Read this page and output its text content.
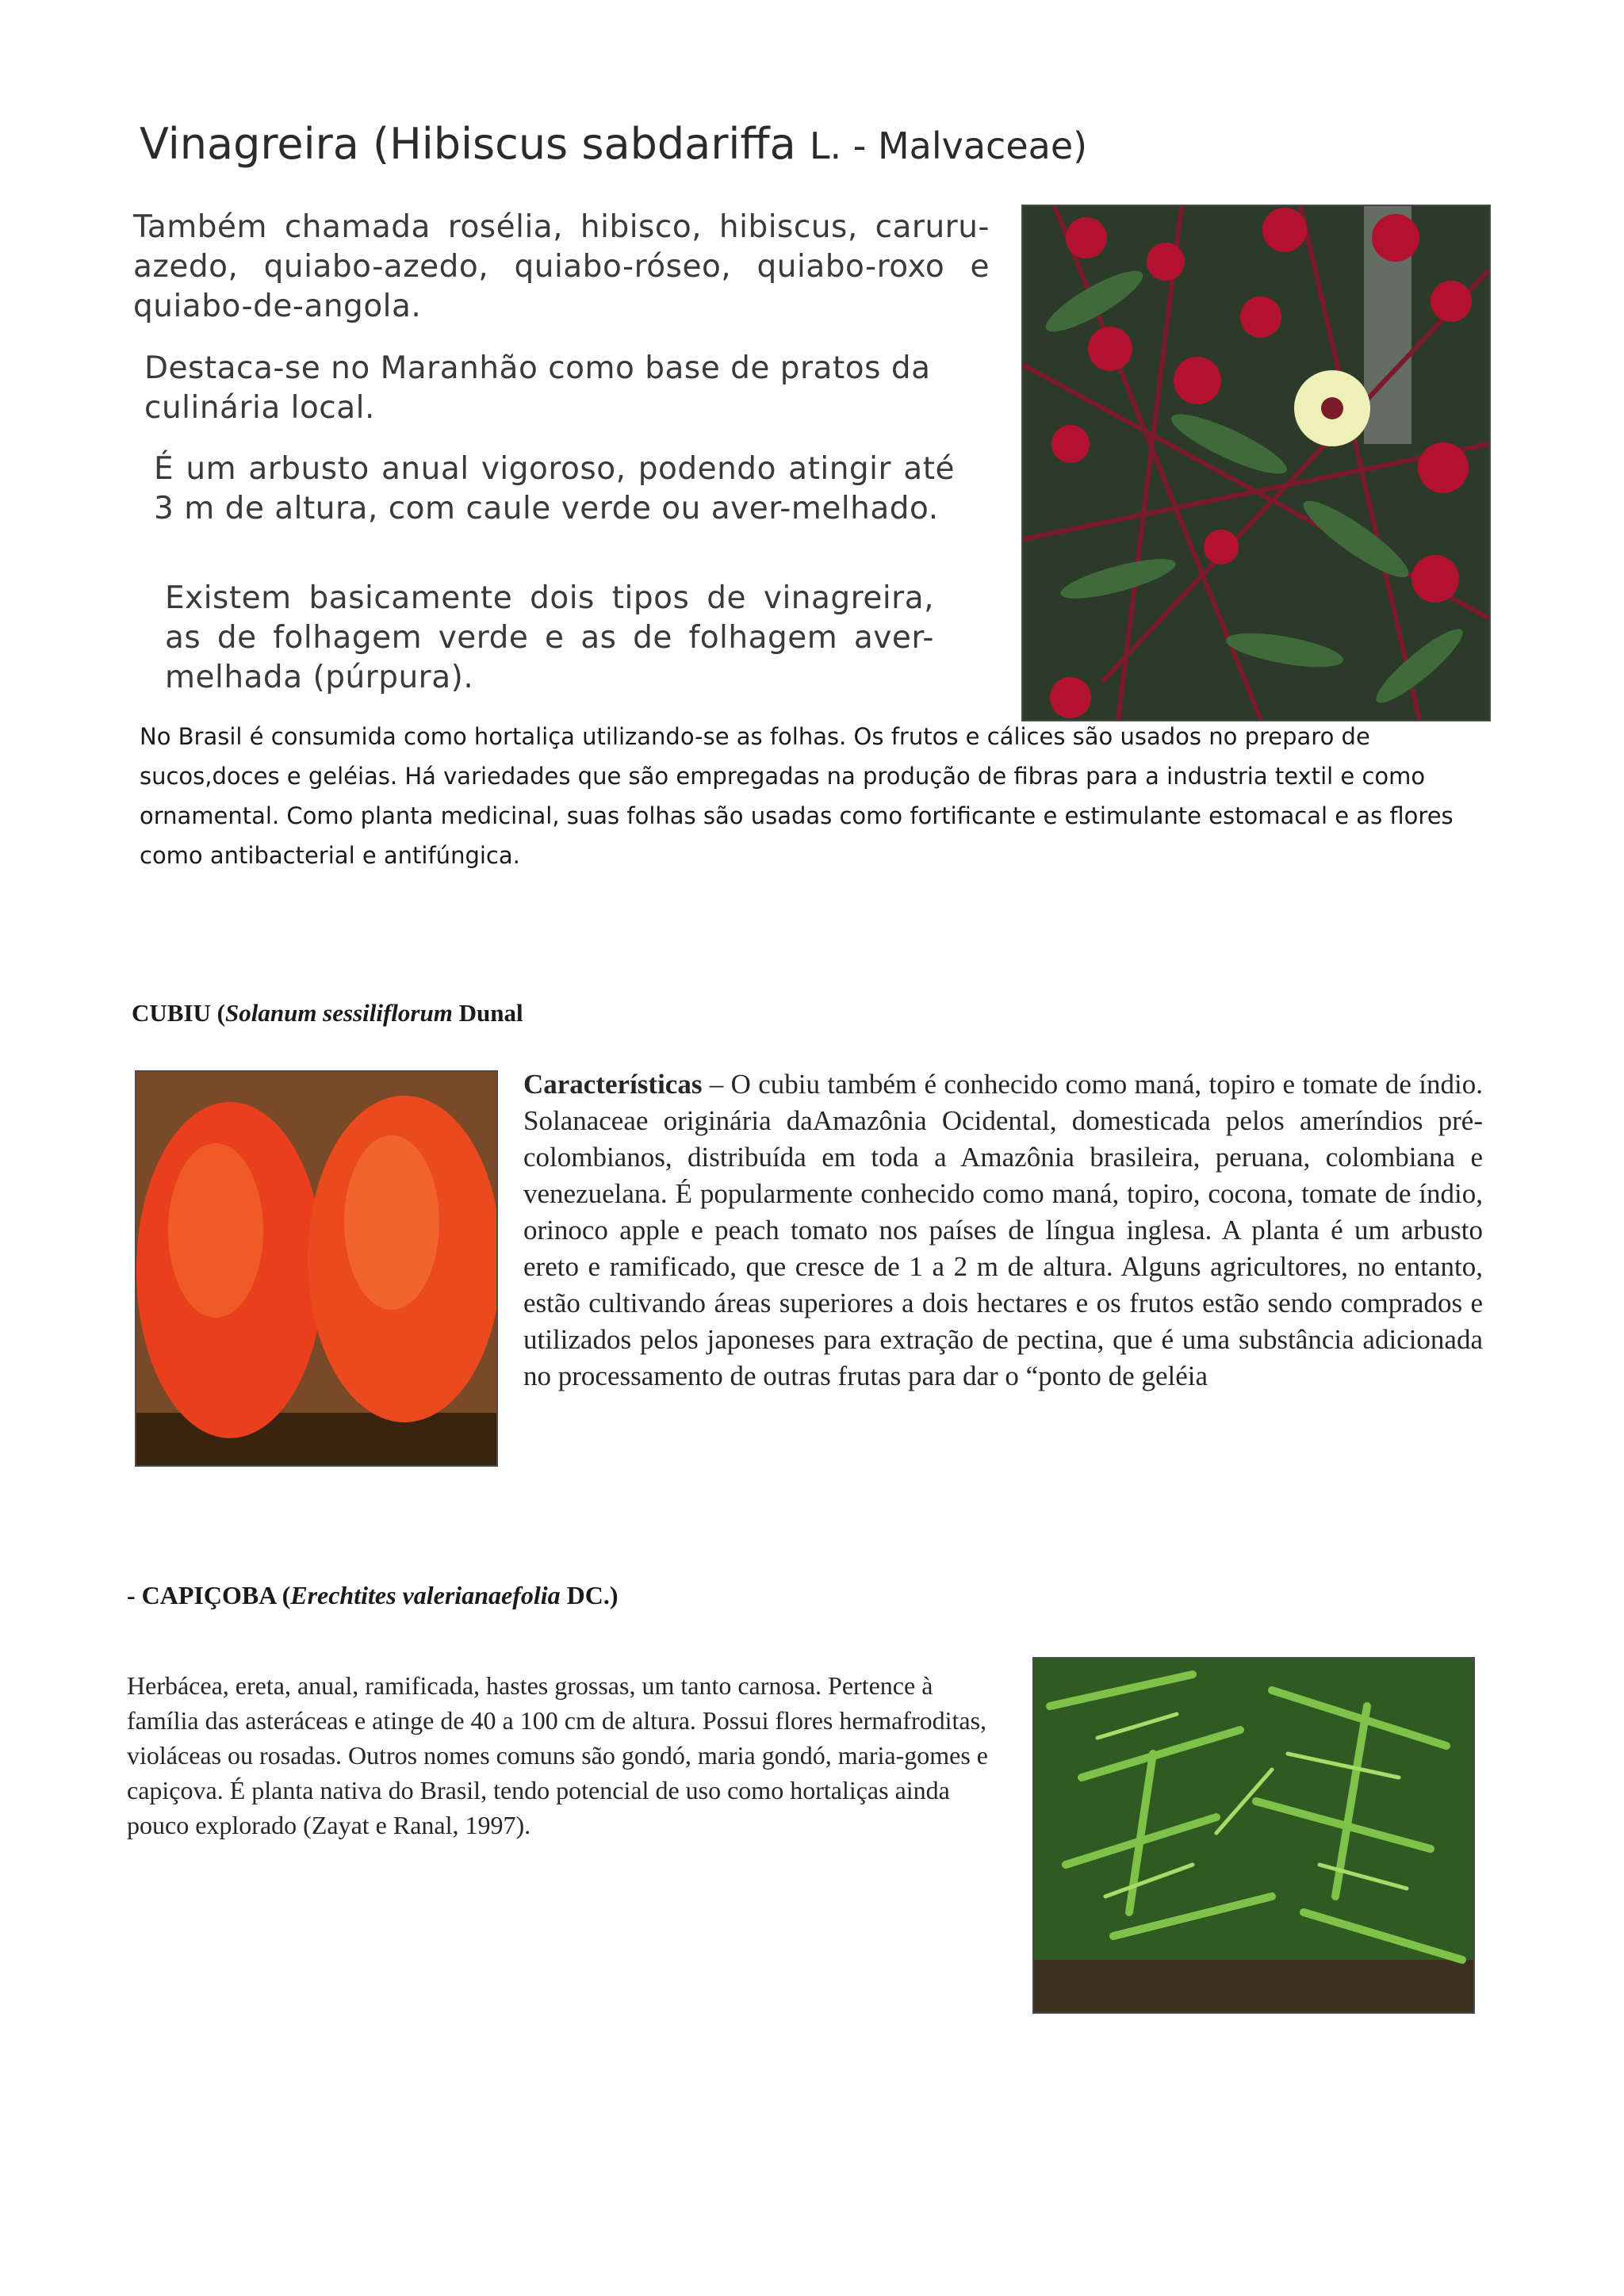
Vinagreira (Hibiscus sabdariffa L. - Malvaceae)

Também chamada rosélia, hibisco, hibiscus, caruru-azedo, quiabo-azedo, quiabo-róseo, quiabo-roxo e quiabo-de-angola.

Destaca-se no Maranhão como base de pratos da culinária local.

É um arbusto anual vigoroso, podendo atingir até 3 m de altura, com caule verde ou aver-melhado.

Existem basicamente dois tipos de vinagreira, as de folhagem verde e as de folhagem aver-melhada (púrpura).

No Brasil é consumida como hortaliça utilizando-se as folhas. Os frutos e cálices são usados no preparo de sucos,doces e geléias. Há variedades que são empregadas na produção de fibras para a industria textil e como ornamental. Como planta medicinal, suas folhas são usadas como fortificante e estimulante estomacal e as flores como antibacterial e antifúngica.

CUBIU (Solanum sessiliflorum Dunal

Características – O cubiu também é conhecido como maná, topiro e tomate de índio. Solanaceae originária daAmazônia Ocidental, domesticada pelos ameríndios pré-colombianos, distribuída em toda a Amazônia brasileira, peruana, colombiana e venezuelana. É popularmente conhecido como maná, topiro, cocona, tomate de índio, orinoco apple e peach tomato nos países de língua inglesa. A planta é um arbusto ereto e ramificado, que cresce de 1 a 2 m de altura. Alguns agricultores, no entanto, estão cultivando áreas superiores a dois hectares e os frutos estão sendo comprados e utilizados pelos japoneses para extração de pectina, que é uma substância adicionada no processamento de outras frutas para dar o “ponto de geléia

- CAPIÇOBA (Erechtites valerianaefolia DC.)

Herbácea, ereta, anual, ramificada, hastes grossas, um tanto carnosa. Pertence à família das asteráceas e atinge de 40 a 100 cm de altura. Possui flores hermafroditas, violáceas ou rosadas. Outros nomes comuns são gondó, maria gondó, maria-gomes e capiçova. É planta nativa do Brasil, tendo potencial de uso como hortaliças ainda pouco explorado (Zayat e Ranal, 1997).
